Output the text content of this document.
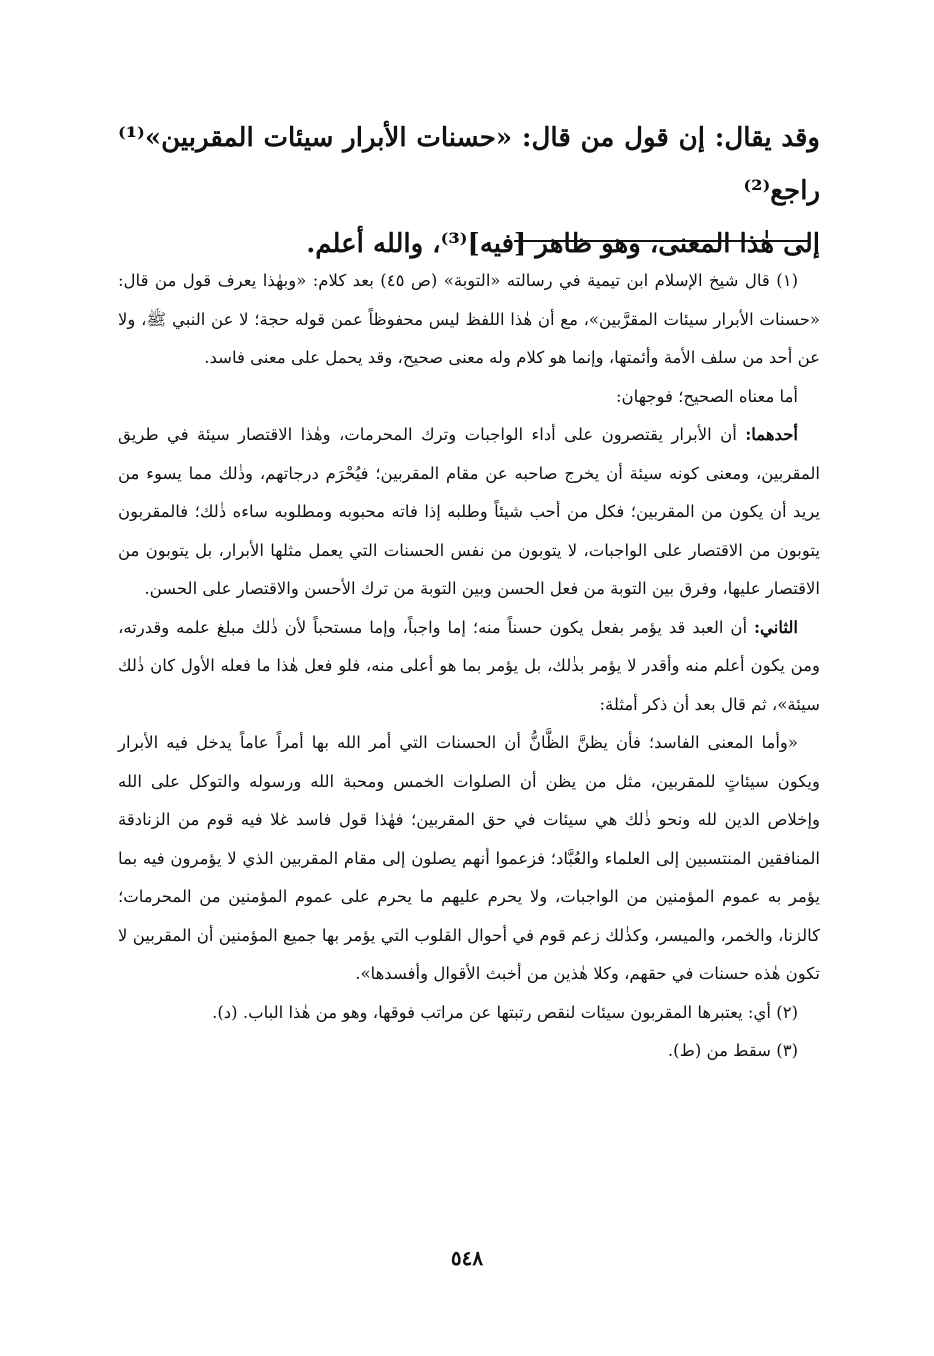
وقد يقال: إن قول من قال: «حسنات الأبرار سيئات المقربين»⁽¹⁾ راجع⁽²⁾

إلى هٰذا المعنى، وهو ظاهر [فيه]⁽³⁾، والله أعلم.

(١) قال شيخ الإسلام ابن تيمية في رسالته «التوبة» (ص ٤٥) بعد كلام: «وبهٰذا يعرف قول من قال: «حسنات الأبرار سيئات المقرَّبين»، مع أن هٰذا اللفظ ليس محفوظاً عمن قوله حجة؛ لا عن النبي ﷺ، ولا عن أحد من سلف الأمة وأئمتها، وإنما هو كلام وله معنى صحيح، وقد يحمل على معنى فاسد.

أما معناه الصحيح؛ فوجهان:

أحدهما: أن الأبرار يقتصرون على أداء الواجبات وترك المحرمات، وهٰذا الاقتصار سيئة في طريق المقربين، ومعنى كونه سيئة أن يخرج صاحبه عن مقام المقربين؛ فيُحْرَم درجاتهم، وذٰلك مما يسوء من يريد أن يكون من المقربين؛ فكل من أحب شيئاً وطلبه إذا فاته محبوبه ومطلوبه ساءه ذٰلك؛ فالمقربون يتوبون من الاقتصار على الواجبات، لا يتوبون من نفس الحسنات التي يعمل مثلها الأبرار، بل يتوبون من الاقتصار عليها، وفرق بين التوبة من فعل الحسن وبين التوبة من ترك الأحسن والاقتصار على الحسن.

الثاني: أن العبد قد يؤمر بفعل يكون حسناً منه؛ إما واجباً، وإما مستحباً لأن ذٰلك مبلغ علمه وقدرته، ومن يكون أعلم منه وأقدر لا يؤمر بذٰلك، بل يؤمر بما هو أعلى منه، فلو فعل هٰذا ما فعله الأول كان ذٰلك سيئة»، ثم قال بعد أن ذكر أمثلة:

«وأما المعنى الفاسد؛ فأن يظنَّ الظَّانُّ أن الحسنات التي أمر الله بها أمراً عاماً يدخل فيه الأبرار ويكون سيئاتٍ للمقربين، مثل من يظن أن الصلوات الخمس ومحبة الله ورسوله والتوكل على الله وإخلاص الدين لله ونحو ذٰلك هي سيئات في حق المقربين؛ فهٰذا قول فاسد غلا فيه قوم من الزنادقة المنافقين المنتسبين إلى العلماء والعُبَّاد؛ فزعموا أنهم يصلون إلى مقام المقربين الذي لا يؤمرون فيه بما يؤمر به عموم المؤمنين من الواجبات، ولا يحرم عليهم ما يحرم على عموم المؤمنين من المحرمات؛ كالزنا، والخمر، والميسر، وكذٰلك زعم قوم في أحوال القلوب التي يؤمر بها جميع المؤمنين أن المقربين لا تكون هٰذه حسنات في حقهم، وكلا هٰذين من أخبث الأقوال وأفسدها».

(٢) أي: يعتبرها المقربون سيئات لنقص رتبتها عن مراتب فوقها، وهو من هٰذا الباب. (د).

(٣) سقط من (ط).

٥٤٨
